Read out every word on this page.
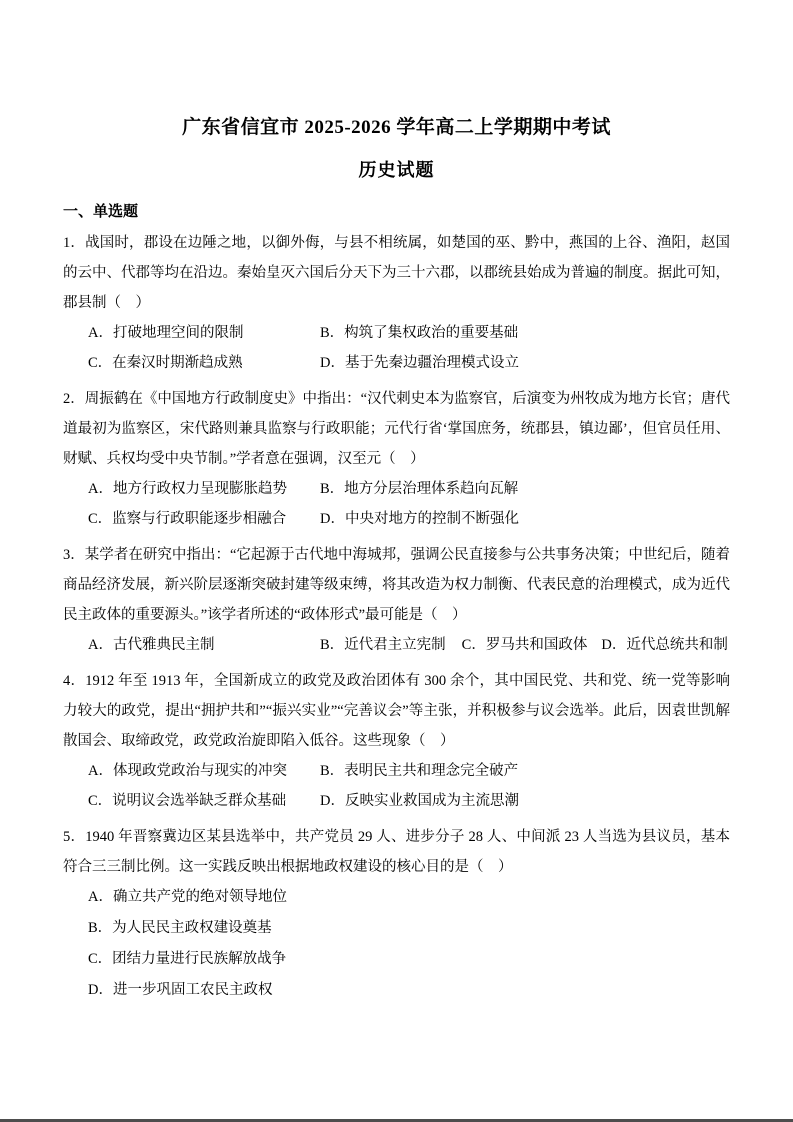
广东省信宜市 2025-2026 学年高二上学期期中考试
历史试题
一、单选题

1．战国时，郡设在边陲之地，以御外侮，与县不相统属，如楚国的巫、黔中，燕国的上谷、渔阳，赵国的云中、代郡等均在沿边。秦始皇灭六国后分天下为三十六郡，以郡统县始成为普遍的制度。据此可知，郡县制（　）

A．打破地理空间的限制	B．构筑了集权政治的重要基础
C．在秦汉时期渐趋成熟	D．基于先秦边疆治理模式设立

2．周振鹤在《中国地方行政制度史》中指出：“汉代刺史本为监察官，后演变为州牧成为地方长官；唐代道最初为监察区，宋代路则兼具监察与行政职能；元代行省‘掌国庶务，统郡县，镇边鄙’，但官员任用、财赋、兵权均受中央节制。”学者意在强调，汉至元（　）

A．地方行政权力呈现膨胀趋势	B．地方分层治理体系趋向瓦解
C．监察与行政职能逐步相融合	D．中央对地方的控制不断强化

3．某学者在研究中指出：“它起源于古代地中海城邦，强调公民直接参与公共事务决策；中世纪后，随着商品经济发展，新兴阶层逐渐突破封建等级束缚，将其改造为权力制衡、代表民意的治理模式，成为近代民主政体的重要源头。”该学者所述的“政体形式”最可能是（　）

A．古代雅典民主制	B．近代君主立宪制 C．罗马共和国政体 D．近代总统共和制

4．1912 年至 1913 年，全国新成立的政党及政治团体有 300 余个，其中国民党、共和党、统一党等影响力较大的政党，提出“拥护共和”“振兴实业”“完善议会”等主张，并积极参与议会选举。此后，因袁世凯解散国会、取缔政党，政党政治旋即陷入低谷。这些现象（　）

A．体现政党政治与现实的冲突	B．表明民主共和理念完全破产
C．说明议会选举缺乏群众基础	D．反映实业救国成为主流思潮

5．1940 年晋察冀边区某县选举中，共产党员 29 人、进步分子 28 人、中间派 23 人当选为县议员，基本符合三三制比例。这一实践反映出根据地政权建设的核心目的是（　）

A．确立共产党的绝对领导地位
B．为人民民主政权建设奠基
C．团结力量进行民族解放战争
D．进一步巩固工农民主政权
